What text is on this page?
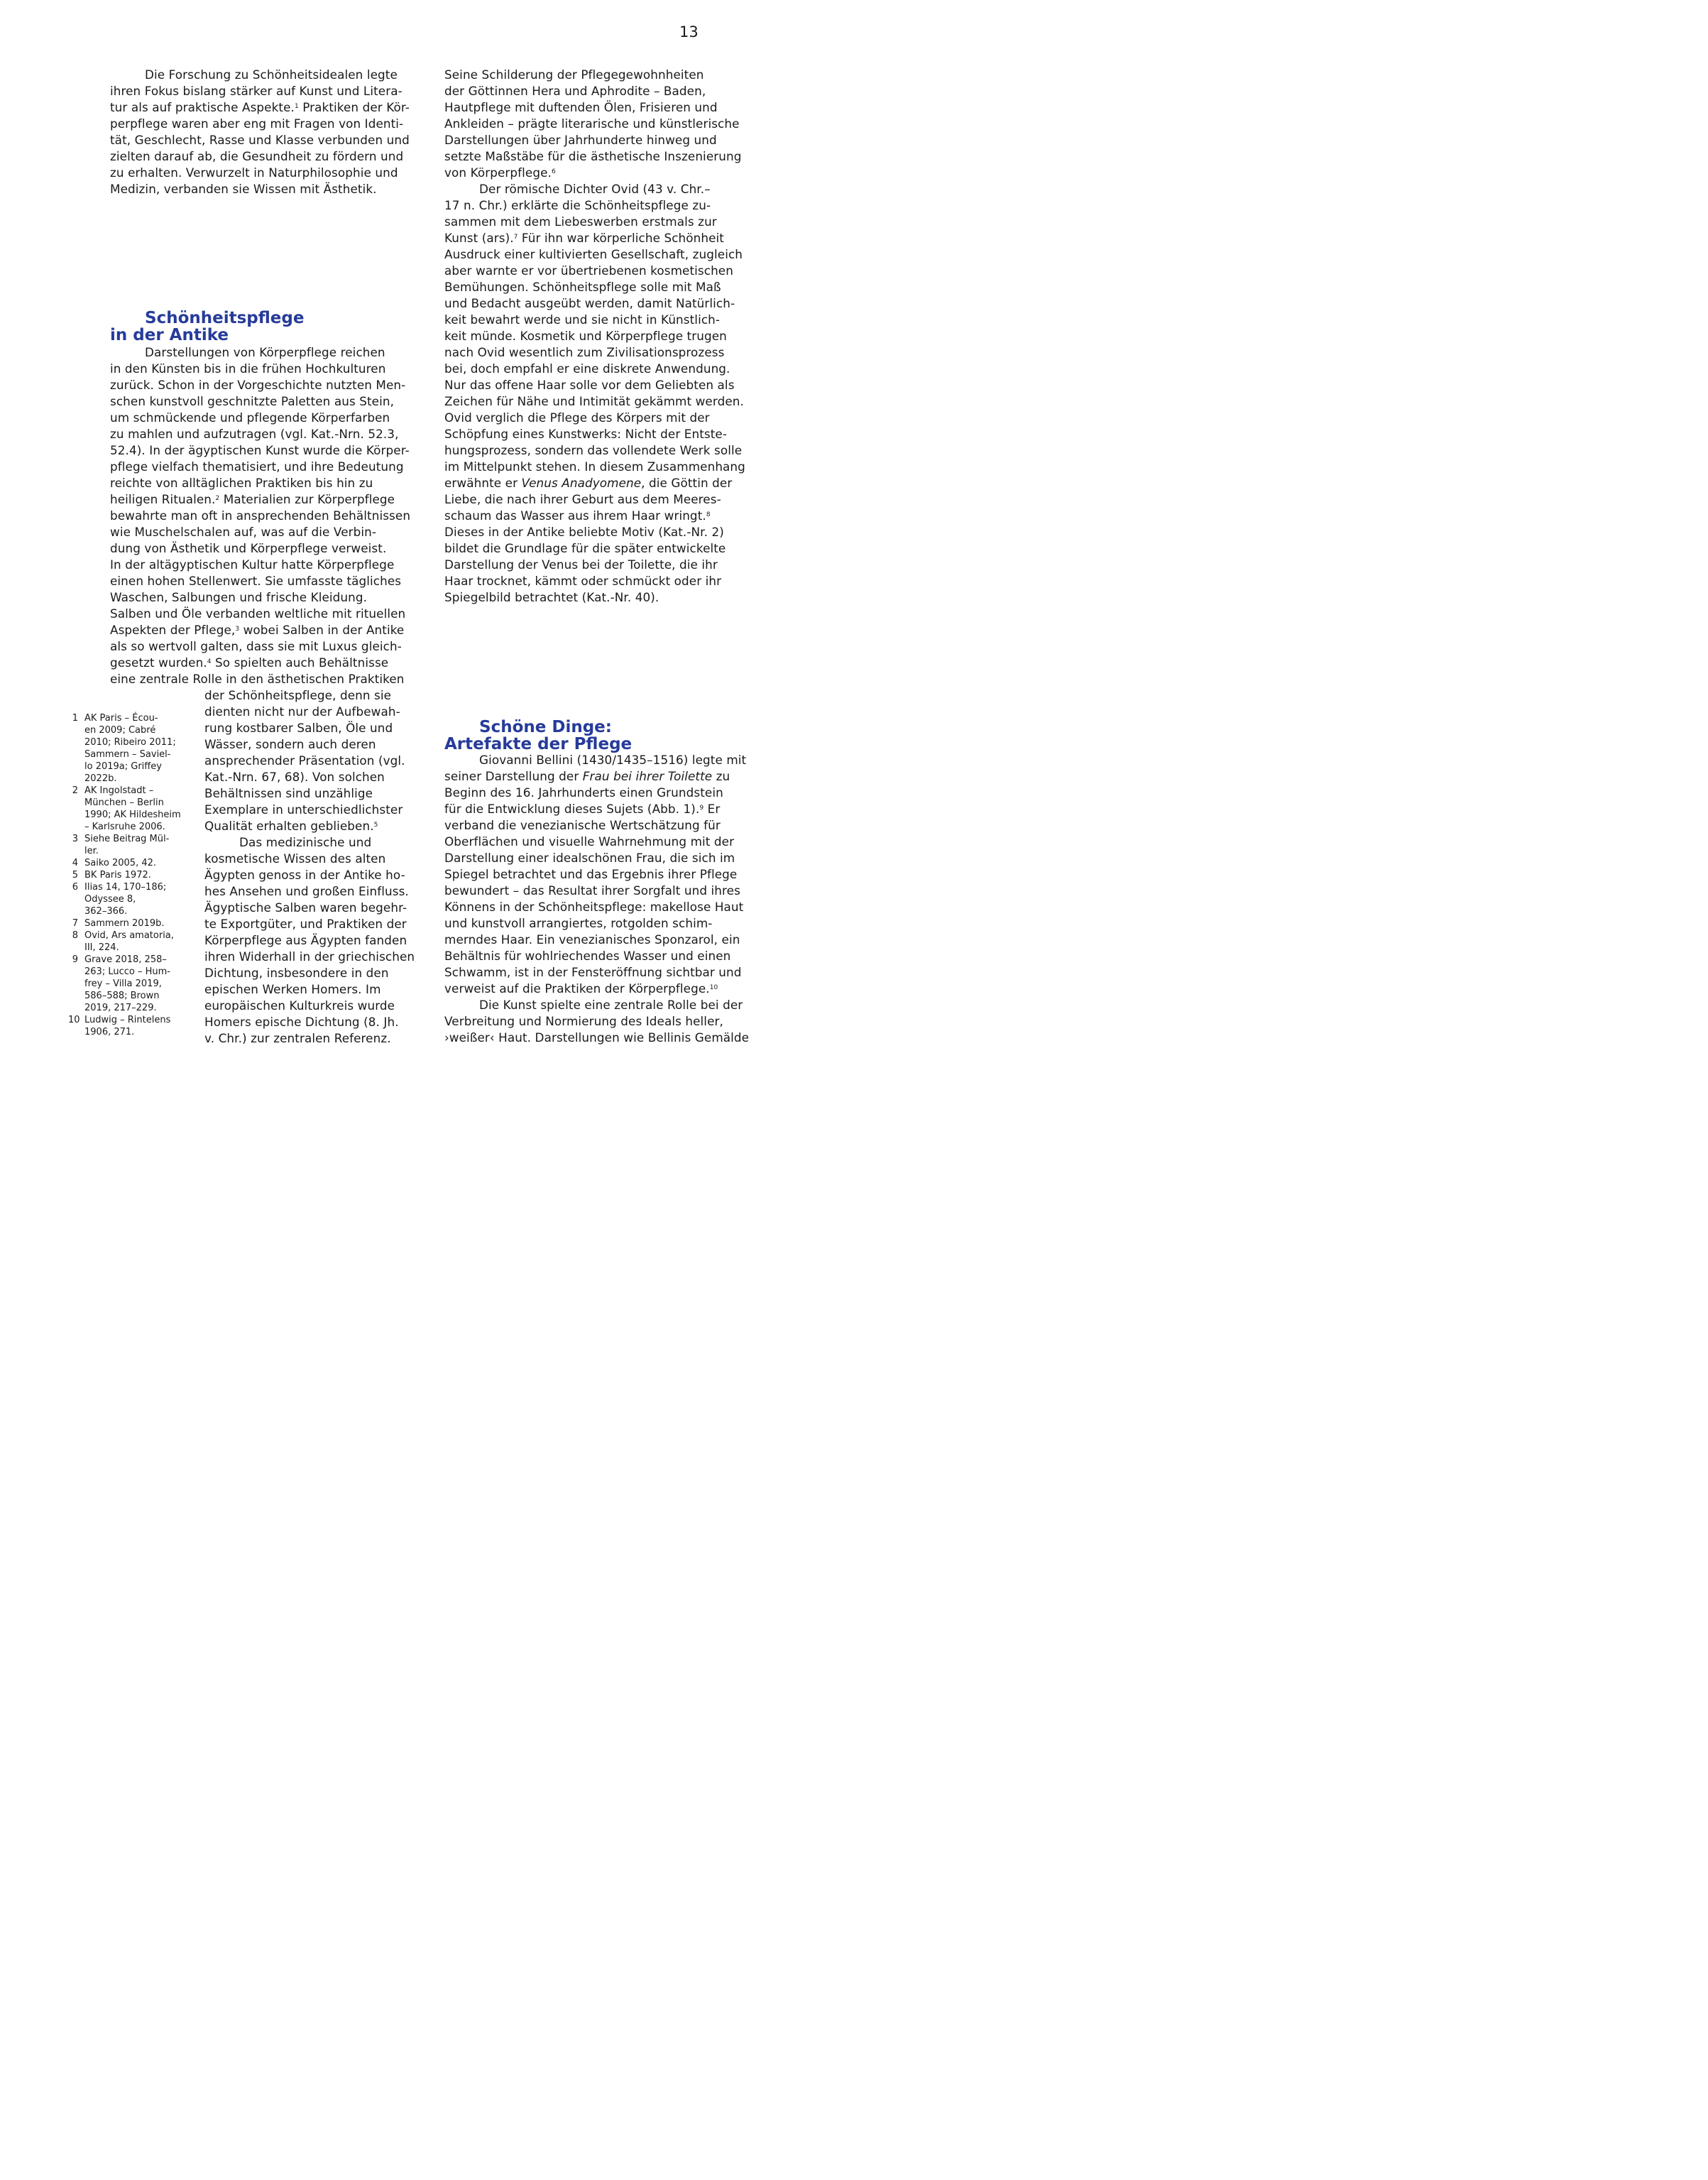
13
Die Forschung zu Schönheitsidealen legte
ihren Fokus bislang stärker auf Kunst und Litera-
tur als auf praktische Aspekte.$^1$ Praktiken der Kör-
perpflege waren aber eng mit Fragen von Identi-
tät, Geschlecht, Rasse und Klasse verbunden und
zielten darauf ab, die Gesundheit zu fördern und
zu erhalten. Verwurzelt in Naturphilosophie und
Medizin, verbanden sie Wissen mit Ästhetik.
Schönheitspflege
in der Antike
Darstellungen von Körperpflege reichen
in den Künsten bis in die frühen Hochkulturen
zurück. Schon in der Vorgeschichte nutzten Men-
schen kunstvoll geschnitzte Paletten aus Stein,
um schmückende und pflegende Körperfarben
zu mahlen und aufzutragen (vgl. Kat.-Nrn. 52.3,
52.4). In der ägyptischen Kunst wurde die Körper-
pflege vielfach thematisiert, und ihre Bedeutung
reichte von alltäglichen Praktiken bis hin zu
heiligen Ritualen.$^2$ Materialien zur Körperpflege
bewahrte man oft in ansprechenden Behältnissen
wie Muschelschalen auf, was auf die Verbin-
dung von Ästhetik und Körperpflege verweist.
In der altägyptischen Kultur hatte Körperpflege
einen hohen Stellenwert. Sie umfasste tägliches
Waschen, Salbungen und frische Kleidung.
Salben und Öle verbanden weltliche mit rituellen
Aspekten der Pflege,$^3$ wobei Salben in der Antike
als so wertvoll galten, dass sie mit Luxus gleich-
gesetzt wurden.$^4$ So spielten auch Behältnisse
eine zentrale Rolle in den ästhetischen Praktiken
der Schönheitspflege, denn sie
dienten nicht nur der Aufbewah-
rung kostbarer Salben, Öle und
Wässer, sondern auch deren
ansprechender Präsentation (vgl.
Kat.-Nrn. 67, 68). Von solchen
Behältnissen sind unzählige
Exemplare in unterschiedlichster
Qualität erhalten geblieben.$^5$
Das medizinische und
kosmetische Wissen des alten
Ägypten genoss in der Antike ho-
hes Ansehen und großen Einfluss.
Ägyptische Salben waren begehr-
te Exportgüter, und Praktiken der
Körperpflege aus Ägypten fanden
ihren Widerhall in der griechischen
Dichtung, insbesondere in den
epischen Werken Homers. Im
europäischen Kulturkreis wurde
Homers epische Dichtung (8. Jh.
v. Chr.) zur zentralen Referenz.
1 AK Paris – Écou-
en 2009; Cabré
2010; Ribeiro 2011;
Sammern – Saviel-
lo 2019a; Griffey
2022b.
2 AK Ingolstadt –
München – Berlin
1990; AK Hildesheim
– Karlsruhe 2006.
3 Siehe Beitrag Mül-
ler.
4 Saiko 2005, 42.
5 BK Paris 1972.
6 Ilias 14, 170–186;
Odyssee 8,
362–366.
7 Sammern 2019b.
8 Ovid, Ars amatoria,
III, 224.
9 Grave 2018, 258–
263; Lucco – Hum-
frey – Villa 2019,
586–588; Brown
2019, 217–229.
10 Ludwig – Rintelens
1906, 271.
Seine Schilderung der Pflegegewohnheiten
der Göttinnen Hera und Aphrodite – Baden,
Hautpflege mit duftenden Ölen, Frisieren und
Ankleiden – prägte literarische und künstlerische
Darstellungen über Jahrhunderte hinweg und
setzte Maßstäbe für die ästhetische Inszenierung
von Körperpflege.$^6$
Der römische Dichter Ovid (43 v. Chr.–
17 n. Chr.) erklärte die Schönheitspflege zu-
sammen mit dem Liebeswerben erstmals zur
Kunst (ars).$^7$ Für ihn war körperliche Schönheit
Ausdruck einer kultivierten Gesellschaft, zugleich
aber warnte er vor übertriebenen kosmetischen
Bemühungen. Schönheitspflege solle mit Maß
und Bedacht ausgeübt werden, damit Natürlich-
keit bewahrt werde und sie nicht in Künstlich-
keit münde. Kosmetik und Körperpflege trugen
nach Ovid wesentlich zum Zivilisationsprozess
bei, doch empfahl er eine diskrete Anwendung.
Nur das offene Haar solle vor dem Geliebten als
Zeichen für Nähe und Intimität gekämmt werden.
Ovid verglich die Pflege des Körpers mit der
Schöpfung eines Kunstwerks: Nicht der Entste-
hungsprozess, sondern das vollendete Werk solle
im Mittelpunkt stehen. In diesem Zusammenhang
erwähnte er Venus Anadyomene, die Göttin der
Liebe, die nach ihrer Geburt aus dem Meeres-
schaum das Wasser aus ihrem Haar wringt.$^8$
Dieses in der Antike beliebte Motiv (Kat.-Nr. 2)
bildet die Grundlage für die später entwickelte
Darstellung der Venus bei der Toilette, die ihr
Haar trocknet, kämmt oder schmückt oder ihr
Spiegelbild betrachtet (Kat.-Nr. 40).
Schöne Dinge:
Artefakte der Pflege
Giovanni Bellini (1430/1435–1516) legte mit
seiner Darstellung der Frau bei ihrer Toilette zu
Beginn des 16. Jahrhunderts einen Grundstein
für die Entwicklung dieses Sujets (Abb. 1).$^9$ Er
verband die venezianische Wertschätzung für
Oberflächen und visuelle Wahrnehmung mit der
Darstellung einer idealschönen Frau, die sich im
Spiegel betrachtet und das Ergebnis ihrer Pflege
bewundert – das Resultat ihrer Sorgfalt und ihres
Könnens in der Schönheitspflege: makellose Haut
und kunstvoll arrangiertes, rotgolden schim-
merndes Haar. Ein venezianisches Sponzarol, ein
Behältnis für wohlriechendes Wasser und einen
Schwamm, ist in der Fensteröffnung sichtbar und
verweist auf die Praktiken der Körperpflege.$^{10}$
Die Kunst spielte eine zentrale Rolle bei der
Verbreitung und Normierung des Ideals heller,
›weißer‹ Haut. Darstellungen wie Bellinis Gemälde
